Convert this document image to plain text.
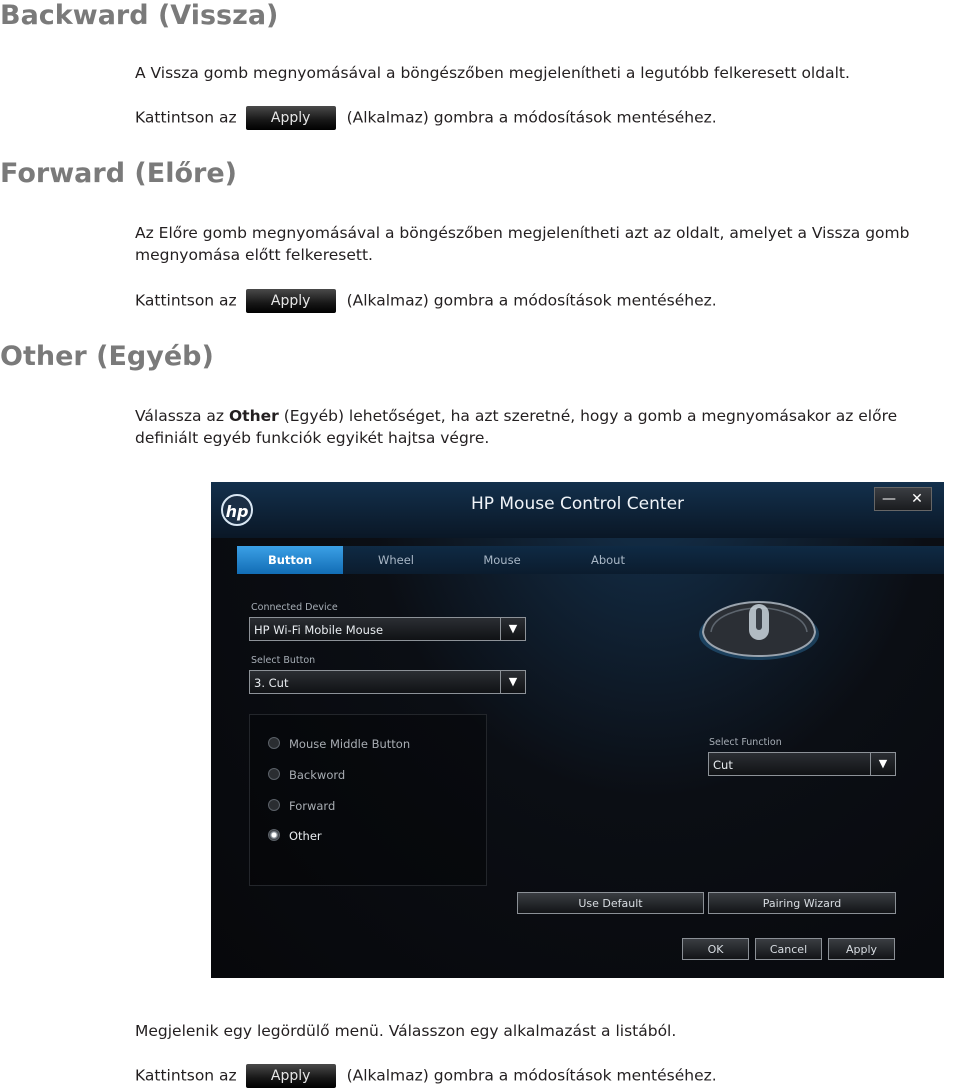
Backward (Vissza)

A Vissza gomb megnyomásával a böngészőben megjelenítheti a legutóbb felkeresett oldalt.

Kattintson az Apply (Alkalmaz) gombra a módosítások mentéséhez.

Forward (Előre)

Az Előre gomb megnyomásával a böngészőben megjelenítheti azt az oldalt, amelyet a Vissza gomb megnyomása előtt felkeresett.

Kattintson az Apply (Alkalmaz) gombra a módosítások mentéséhez.

Other (Egyéb)

Válassza az Other (Egyéb) lehetőséget, ha azt szeretné, hogy a gomb a megnyomásakor az előre definiált egyéb funkciók egyikét hajtsa végre.

hp	HP Mouse Control Center	—	✕
Button	Wheel	Mouse	About
Connected Device
HP Wi-Fi Mobile Mouse	▼
Select Button
3. Cut	▼
Mouse Middle Button
Backword
Forward
Other
Select Function
Cut	▼
Use Default	Pairing Wizard
OK	Cancel	Apply

Megjelenik egy legördülő menü. Válasszon egy alkalmazást a listából.

Kattintson az Apply (Alkalmaz) gombra a módosítások mentéséhez.
